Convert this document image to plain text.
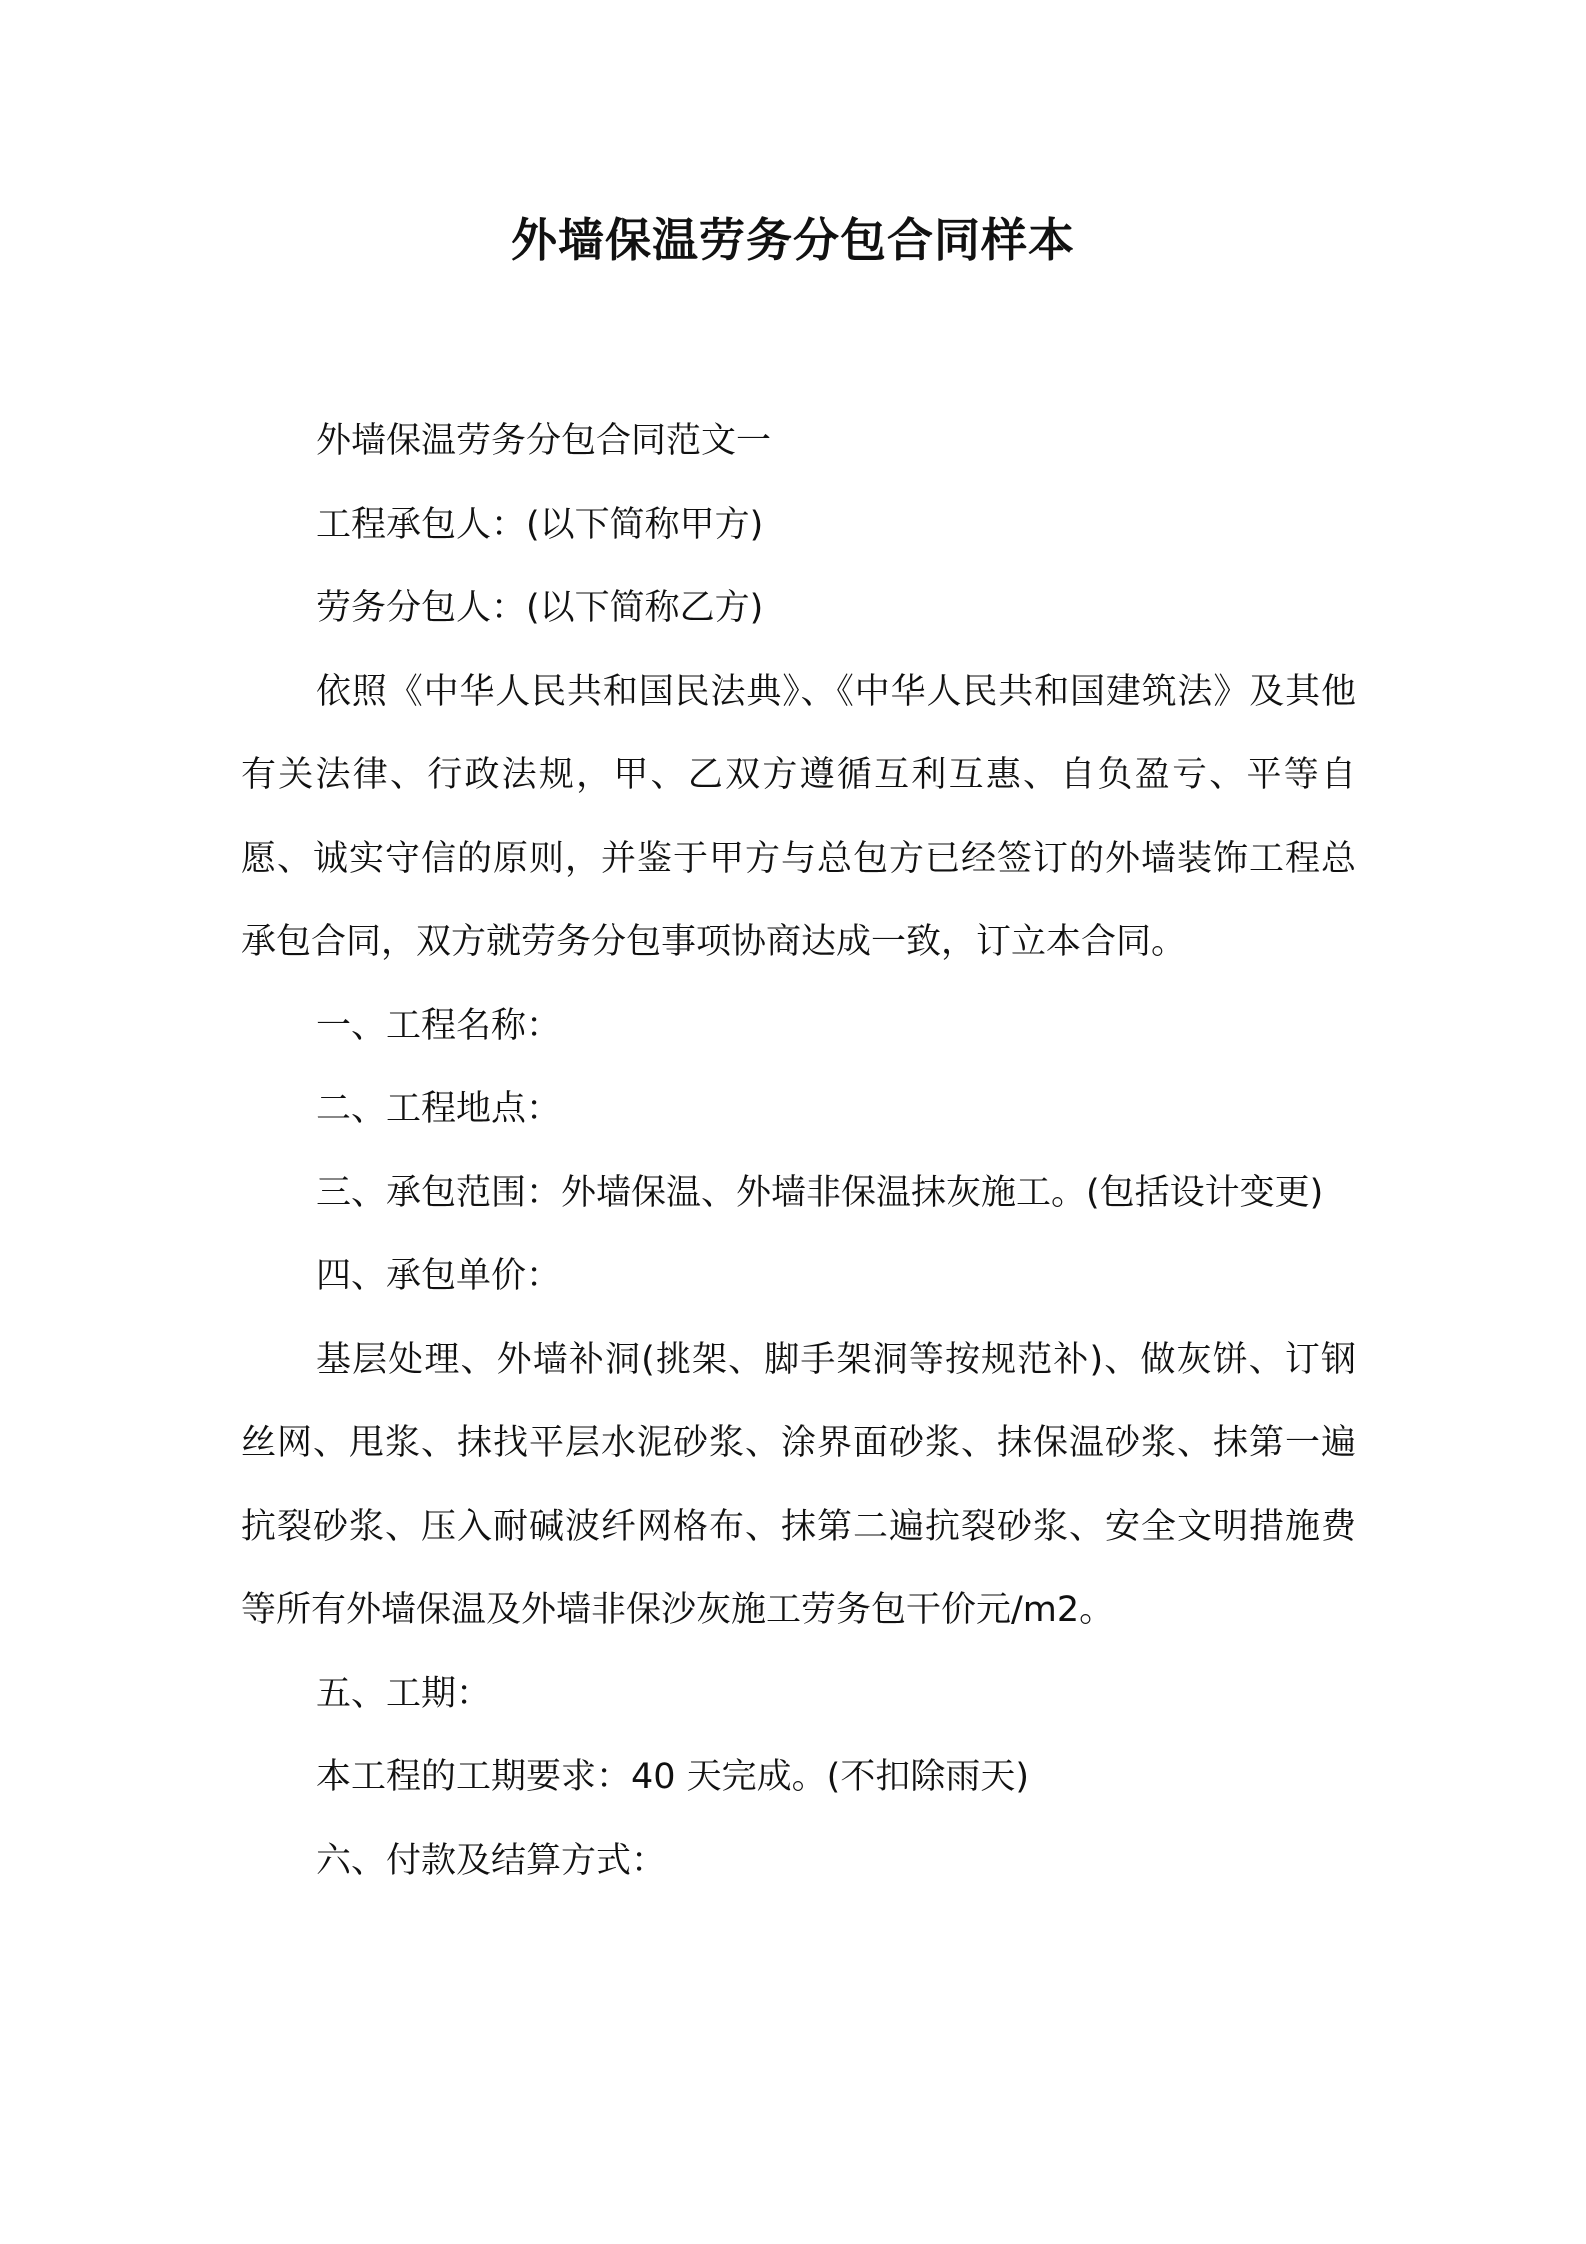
外墙保温劳务分包合同样本

外墙保温劳务分包合同范文一

工程承包人：(以下简称甲方)

劳务分包人：(以下简称乙方)

依照《中华人民共和国民法典》、《中华人民共和国建筑法》及其他有关法律、行政法规，甲、乙双方遵循互利互惠、自负盈亏、平等自愿、诚实守信的原则，并鉴于甲方与总包方已经签订的外墙装饰工程总承包合同，双方就劳务分包事项协商达成一致，订立本合同。

一、工程名称：

二、工程地点：

三、承包范围：外墙保温、外墙非保温抹灰施工。(包括设计变更)

四、承包单价：

基层处理、外墙补洞(挑架、脚手架洞等按规范补)、做灰饼、订钢丝网、甩浆、抹找平层水泥砂浆、涂界面砂浆、抹保温砂浆、抹第一遍抗裂砂浆、压入耐碱波纤网格布、抹第二遍抗裂砂浆、安全文明措施费等所有外墙保温及外墙非保沙灰施工劳务包干价元/m2。

五、工期：

本工程的工期要求：40 天完成。(不扣除雨天)

六、付款及结算方式：
